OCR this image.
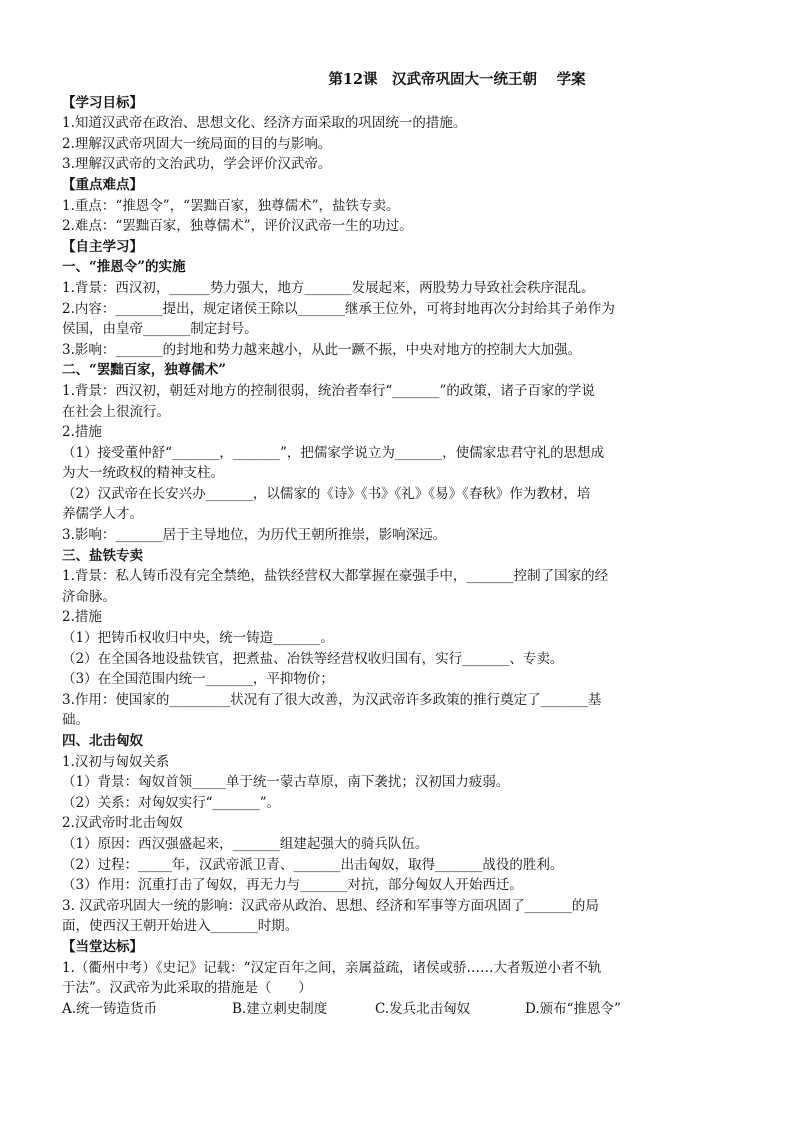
第12课　汉武帝巩固大一统王朝　 学案

【学习目标】

1.知道汉武帝在政治、思想文化、经济方面采取的巩固统一的措施。

2.理解汉武帝巩固大一统局面的目的与影响。

3.理解汉武帝的文治武功，学会评价汉武帝。

【重点难点】

1.重点：“推恩令”，“罢黜百家，独尊儒术”，盐铁专卖。

2.难点：“罢黜百家，独尊儒术”，评价汉武帝一生的功过。

【自主学习】

一、“推恩令”的实施

1.背景：西汉初，______势力强大，地方_______发展起来，两股势力导致社会秩序混乱。

2.内容：_______提出，规定诸侯王除以_______继承王位外，可将封地再次分封给其子弟作为

侯国，由皇帝_______制定封号。

3.影响：_______的封地和势力越来越小，从此一蹶不振，中央对地方的控制大大加强。

二、“罢黜百家，独尊儒术”

1.背景：西汉初，朝廷对地方的控制很弱，统治者奉行“_______”的政策，诸子百家的学说

在社会上很流行。

2.措施

（1）接受董仲舒“_______，_______”，把儒家学说立为_______，使儒家忠君守礼的思想成

为大一统政权的精神支柱。

（2）汉武帝在长安兴办_______，以儒家的《诗》《书》《礼》《易》《春秋》作为教材，培

养儒学人才。

3.影响：_______居于主导地位，为历代王朝所推崇，影响深远。

三、盐铁专卖

1.背景：私人铸币没有完全禁绝，盐铁经营权大都掌握在豪强手中，_______控制了国家的经

济命脉。

2.措施

（1）把铸币权收归中央，统一铸造_______。

（2）在全国各地设盐铁官，把煮盐、冶铁等经营权收归国有，实行_______、专卖。

（3）在全国范围内统一_______，平抑物价；

3.作用：使国家的_________状况有了很大改善，为汉武帝许多政策的推行奠定了_______基

础。

四、北击匈奴

1.汉初与匈奴关系

（1）背景：匈奴首领_____单于统一蒙古草原，南下袭扰；汉初国力疲弱。

（2）关系：对匈奴实行“_______”。

2.汉武帝时北击匈奴

（1）原因：西汉强盛起来，_______组建起强大的骑兵队伍。

（2）过程：_____年，汉武帝派卫青、_______出击匈奴，取得_______战役的胜利。

（3）作用：沉重打击了匈奴，再无力与_______对抗，部分匈奴人开始西迁。

3. 汉武帝巩固大一统的影响：汉武帝从政治、思想、经济和军事等方面巩固了_______的局

面，使西汉王朝开始进入_______时期。

【当堂达标】

1.（衢州中考）《史记》记载：“汉定百年之间，亲属益疏，诸侯或骄……大者叛逆小者不轨

于法”。汉武帝为此采取的措施是（　　）

A.统一铸造货币	B.建立刺史制度	C.发兵北击匈奴	D.颁布“推恩令”
